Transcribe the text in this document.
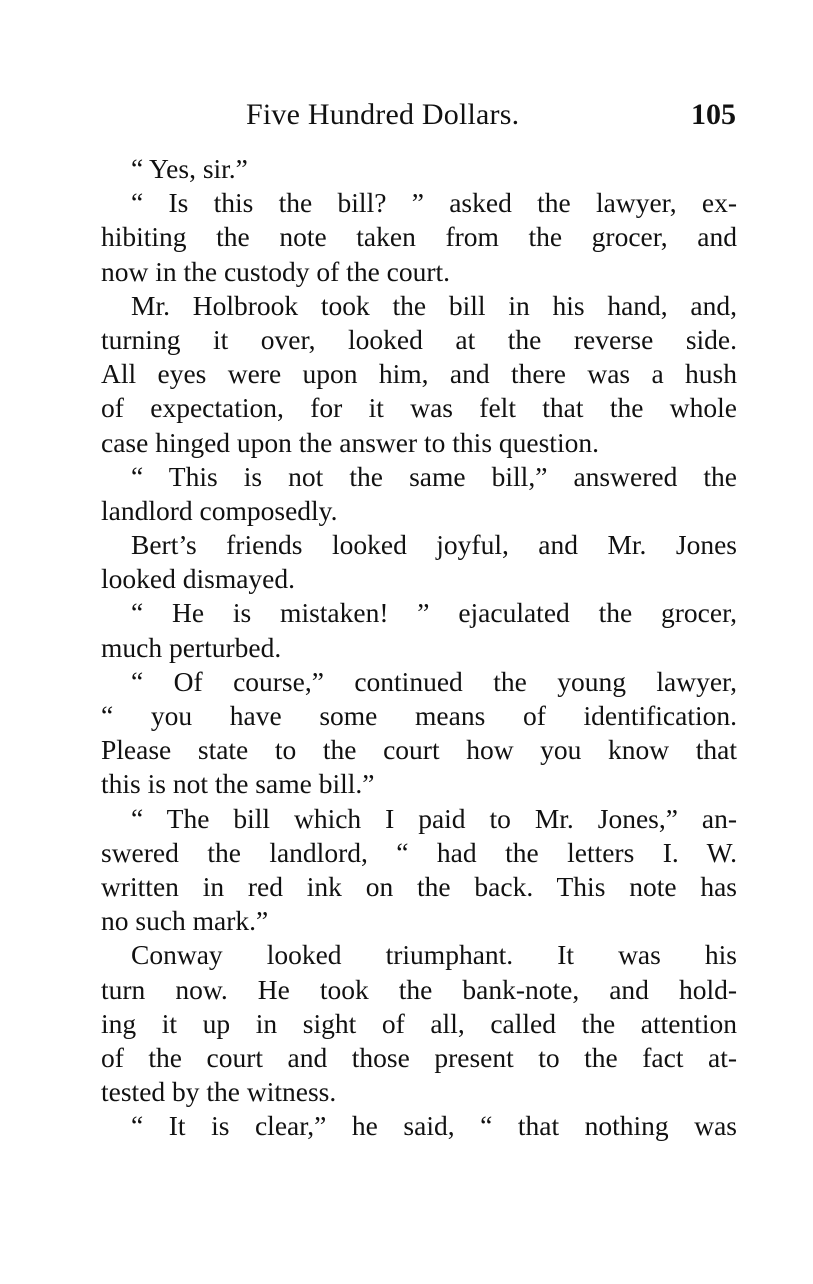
Five Hundred Dollars.	105
“ Yes, sir.”
“ Is this the bill? ” asked the lawyer, ex-
hibiting the note taken from the grocer, and
now in the custody of the court.
Mr. Holbrook took the bill in his hand, and,
turning it over, looked at the reverse side.
All eyes were upon him, and there was a hush
of expectation, for it was felt that the whole
case hinged upon the answer to this question.
“ This is not the same bill,” answered the
landlord composedly.
Bert’s friends looked joyful, and Mr. Jones
looked dismayed.
“ He is mistaken! ” ejaculated the grocer,
much perturbed.
“ Of course,” continued the young lawyer,
“ you have some means of identification.
Please state to the court how you know that
this is not the same bill.”
“ The bill which I paid to Mr. Jones,” an-
swered the landlord, “ had the letters I. W.
written in red ink on the back. This note has
no such mark.”
Conway looked triumphant. It was his
turn now. He took the bank-note, and hold-
ing it up in sight of all, called the attention
of the court and those present to the fact at-
tested by the witness.
“ It is clear,” he said, “ that nothing was
